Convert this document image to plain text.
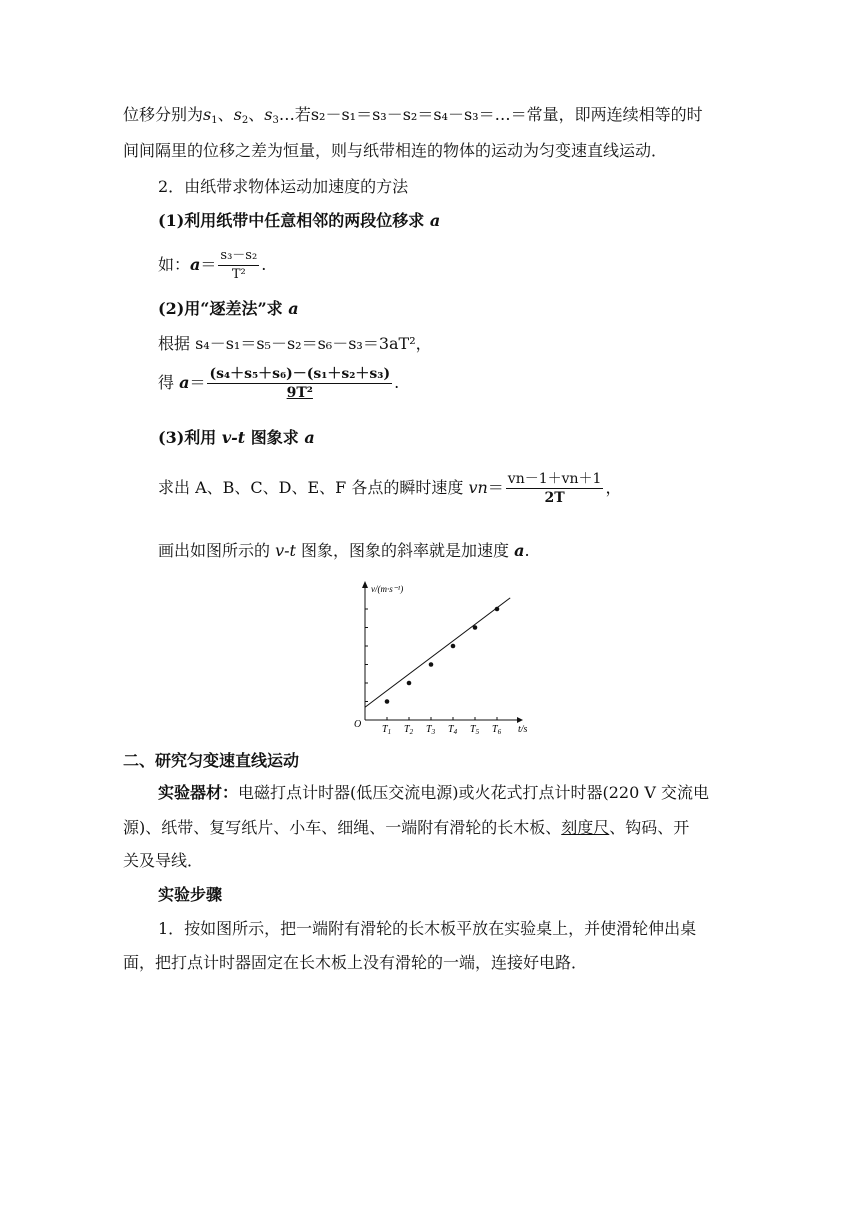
位移分别为$s_1$、$s_2$、$s_3\dots$若s₂－s₁＝s₃－s₂＝s₄－s₃＝…＝常量，即两连续相等的时
间间隔里的位移之差为恒量，则与纸带相连的物体的运动为匀变速直线运动．
2．由纸带求物体运动加速度的方法
(1)利用纸带中任意相邻的两段位移求 a
如：$a= \frac{\text{s₃－s₂}}{\text{T²}}$ .
(2)用“逐差法”求 a
根据 s₄－s₁＝s₅－s₂＝s₆－s₃＝3aT²，
得 $a= \frac{\text{(s₄＋s₅＋s₆)－(s₁＋s₂＋s₃)}}{\text{9T²}}$ .
(3)利用 v-t 图象求 a
求出 A、B、C、D、E、F 各点的瞬时速度 $vn= \frac{vn-1+vn+1}{2T}$ ，
画出如图所示的 v-t 图象，图象的斜率就是加速度 a.
v/(m·s⁻¹)
t/s
O $T_1$ $T_2$ $T_3$ $T_4$ $T_5$ $T_6$
二、研究匀变速直线运动
实验器材：电磁打点计时器(低压交流电源)或火花式打点计时器(220 V 交流电
源)、纸带、复写纸片、小车、细绳、一端附有滑轮的长木板、刻度尺、钩码、开
关及导线．
实验步骤
1．按如图所示，把一端附有滑轮的长木板平放在实验桌上，并使滑轮伸出桌
面，把打点计时器固定在长木板上没有滑轮的一端，连接好电路．
